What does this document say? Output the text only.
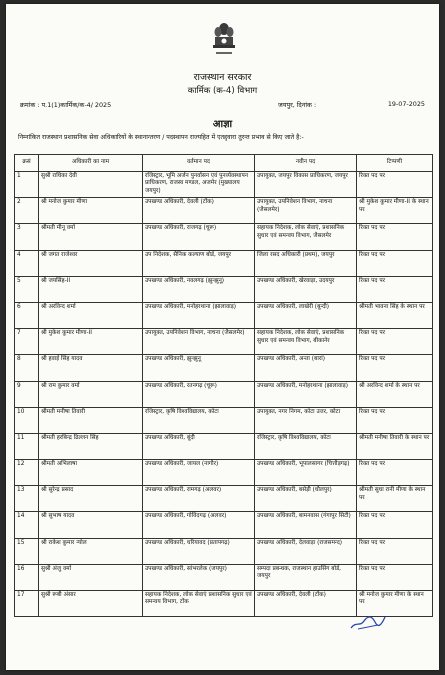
राजस्थान सरकार
कार्मिक (क-4) विभाग
क्रमांक : प.1(1)कार्मिक/क-4/ 2025	जयपुर, दिनांक :	19-07-2025
आज्ञा
निम्नांकित राजस्थान प्रशासनिक सेवा अधिकारियों के स्थानान्तरण / पदस्थापन राज्यहित में एतद्द्वारा तुरन्त प्रभाव से किए जाते है:-
क्रसं	अधिकारी का नाम	वर्तमान पद	नवीन पद	टिप्पणी
1	सुश्री राधिका देवी	रजिस्ट्रार, भूमि अर्जन पुनर्वासन एवं पुनर्व्यवस्थापन प्राधिकरण, राजस्व मण्डल, अजमेर (मुख्यालय जयपुर)	उपायुक्त, जयपुर विकास प्राधिकरण, जयपुर	रिक्त पद पर
2	श्री मनोज कुमार मीणा	उपखण्ड अधिकारी, देवली (टोंक)	उपायुक्त, उपनिवेशन विभाग, नाचना (जैसलमेर)	श्री मुकेश कुमार मीणा-II के स्थान पर
3	श्रीमती मीनू वर्मा	उपखण्ड अधिकारी, राजगढ़ (चूरू)	सहायक निदेशक, लोक सेवाएं, प्रशासनिक सुधार एवं समन्वय विभाग, जैसलमेर	रिक्त पद पर
4	श्री जगत राजेश्वर	उप निदेशक, सैनिक कल्याण बोर्ड, जयपुर	जिला रसद अधिकारी (प्रथम), जयपुर	रिक्त पद पर
5	श्री जयसिंह-II	उपखण्ड अधिकारी, नवलगढ़ (झुन्झुनू)	उपखण्ड अधिकारी, खेरवाड़ा, उदयपुर	रिक्त पद पर
6	श्री अरविन्द शर्मा	उपखण्ड अधिकारी, मनोहरथाना (झालावाड़)	उपखण्ड अधिकारी, लाखेरी (बून्दी)	श्रीमती भावना सिंह के स्थान पर
7	श्री मुकेश कुमार मीणा-II	उपायुक्त, उपनिवेशन विभाग, नाचना (जैसलमेर)	सहायक निदेशक, लोक सेवाएं, प्रशासनिक सुधार एवं समन्वय विभाग, बीकानेर	रिक्त पद पर
8	श्री हवाई सिंह यादव	उपखण्ड अधिकारी, झुन्झुनू	उपखण्ड अधिकारी, अन्ता (बारां)	रिक्त पद पर
9	श्री राम कुमार वर्मा	उपखण्ड अधिकारी, रतनगढ़ (चूरू)	उपखण्ड अधिकारी, मनोहरथाना (झालावाड़)	श्री अरविन्द शर्मा के स्थान पर
10	श्रीमती मनीषा तिवारी	रजिस्ट्रार, कृषि विश्वविद्यालय, कोटा	उपायुक्त, नगर निगम, कोटा उत्तर, कोटा	रिक्त पद पर
11	श्रीमती हरबिन्द्र ढिल्लन सिंह	उपखण्ड अधिकारी, बूंदी	रजिस्ट्रार, कृषि विश्वविद्यालय, कोटा	श्रीमती मनीषा तिवारी के स्थान पर
12	श्रीमती अभिलाषा	उपखण्ड अधिकारी, जायल (नागौर)	उपखण्ड अधिकारी, भूपालसागर (चित्तौड़गढ़)	रिक्त पद पर
13	श्री सुरेन्द्र प्रसाद	उपखण्ड अधिकारी, रामगढ़ (अलवर)	उपखण्ड अधिकारी, बसेड़ी (धौलपुर)	श्रीमती सुधा रानी मीणा के स्थान पर
14	श्री सुभाष यादव	उपखण्ड अधिकारी, गोविंदगढ़ (अलवर)	उपखण्ड अधिकारी, बामनवास (गंगापुर सिटी)	रिक्त पद पर
15	श्री राकेश कुमार न्योल	उपखण्ड अधिकारी, धरियावद (प्रतापगढ़)	उपखण्ड अधिकारी, देलवाड़ा (राजसमन्द)	रिक्त पद पर
16	सुश्री अंजु वर्मा	उपखण्ड अधिकारी, सांभरलेक (जयपुर)	सम्पदा प्रबन्धक, राजस्थान हाउसिंग बोर्ड, जयपुर	रिक्त पद पर
17	सुश्री रूबी अंसार	सहायक निदेशक, लोक सेवाएं प्रशासनिक सुधार एवं समन्वय विभाग, टोंक	उपखण्ड अधिकारी, देवली (टोंक)	श्री मनोज कुमार मीणा के स्थान पर
